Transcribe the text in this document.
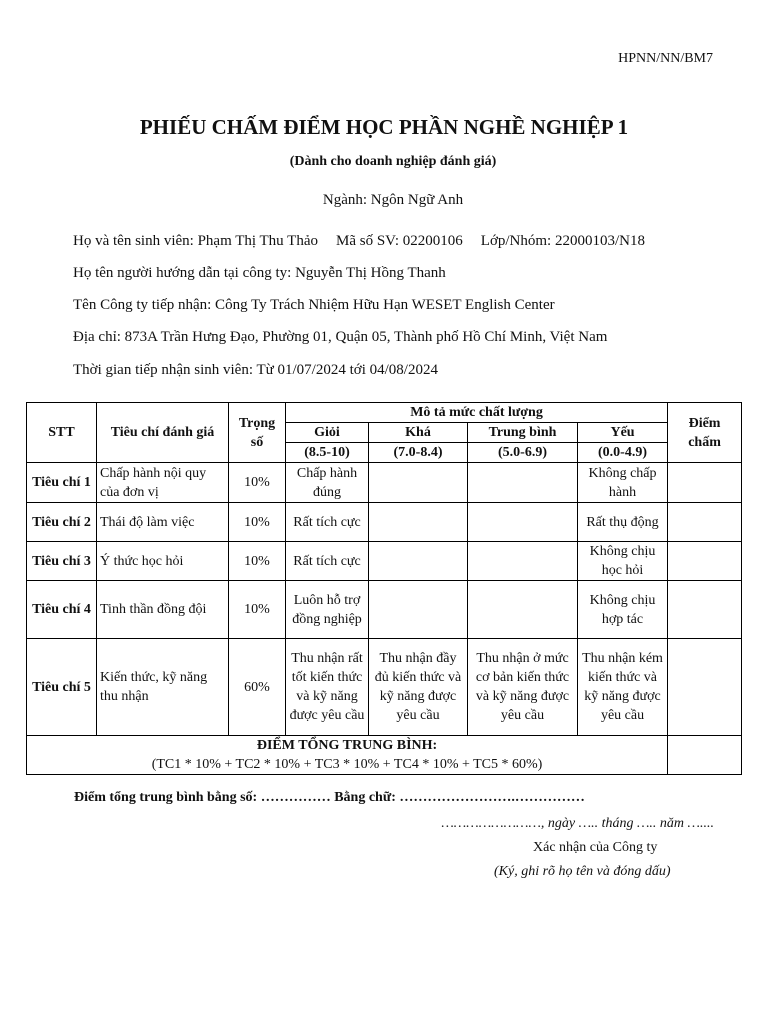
HPNN/NN/BM7
PHIẾU CHẤM ĐIỂM HỌC PHẦN NGHỀ NGHIỆP 1
(Dành cho doanh nghiệp đánh giá)
Ngành: Ngôn Ngữ Anh
Họ và tên sinh viên: Phạm Thị Thu Thảo Mã số SV: 02200106 Lớp/Nhóm: 22000103/N18
Họ tên người hướng dẫn tại công ty: Nguyễn Thị Hồng Thanh
Tên Công ty tiếp nhận: Công Ty Trách Nhiệm Hữu Hạn WESET English Center
Địa chỉ: 873A Trần Hưng Đạo, Phường 01, Quận 05, Thành phố Hồ Chí Minh, Việt Nam
Thời gian tiếp nhận sinh viên: Từ 01/07/2024 tới 04/08/2024
STT	Tiêu chí đánh giá	Trọng số	Mô tả mức chất lượng				Điểm chấm
			Giỏi	Khá	Trung bình	Yếu	
			(8.5-10)	(7.0-8.4)	(5.0-6.9)	(0.0-4.9)	
Tiêu chí 1	Chấp hành nội quy của đơn vị	10%	Chấp hành đúng			Không chấp hành	
Tiêu chí 2	Thái độ làm việc	10%	Rất tích cực			Rất thụ động	
Tiêu chí 3	Ý thức học hỏi	10%	Rất tích cực			Không chịu học hỏi	
Tiêu chí 4	Tinh thần đồng đội	10%	Luôn hỗ trợ đồng nghiệp			Không chịu hợp tác	
Tiêu chí 5	Kiến thức, kỹ năng thu nhận	60%	Thu nhận rất tốt kiến thức và kỹ năng được yêu cầu	Thu nhận đầy đủ kiến thức và kỹ năng được yêu cầu	Thu nhận ở mức cơ bản kiến thức và kỹ năng được yêu cầu	Thu nhận kém kiến thức và kỹ năng được yêu cầu	

ĐIỂM TỔNG TRUNG BÌNH:
(TC1 * 10% + TC2 * 10% + TC3 * 10% + TC4 * 10% + TC5 * 60%)							

Điểm tổng trung bình bằng số: …………… Bằng chữ: …………………….……………
……………………, ngày ….. tháng ….. năm …....
Xác nhận của Công ty
(Ký, ghi rõ họ tên và đóng dấu)
